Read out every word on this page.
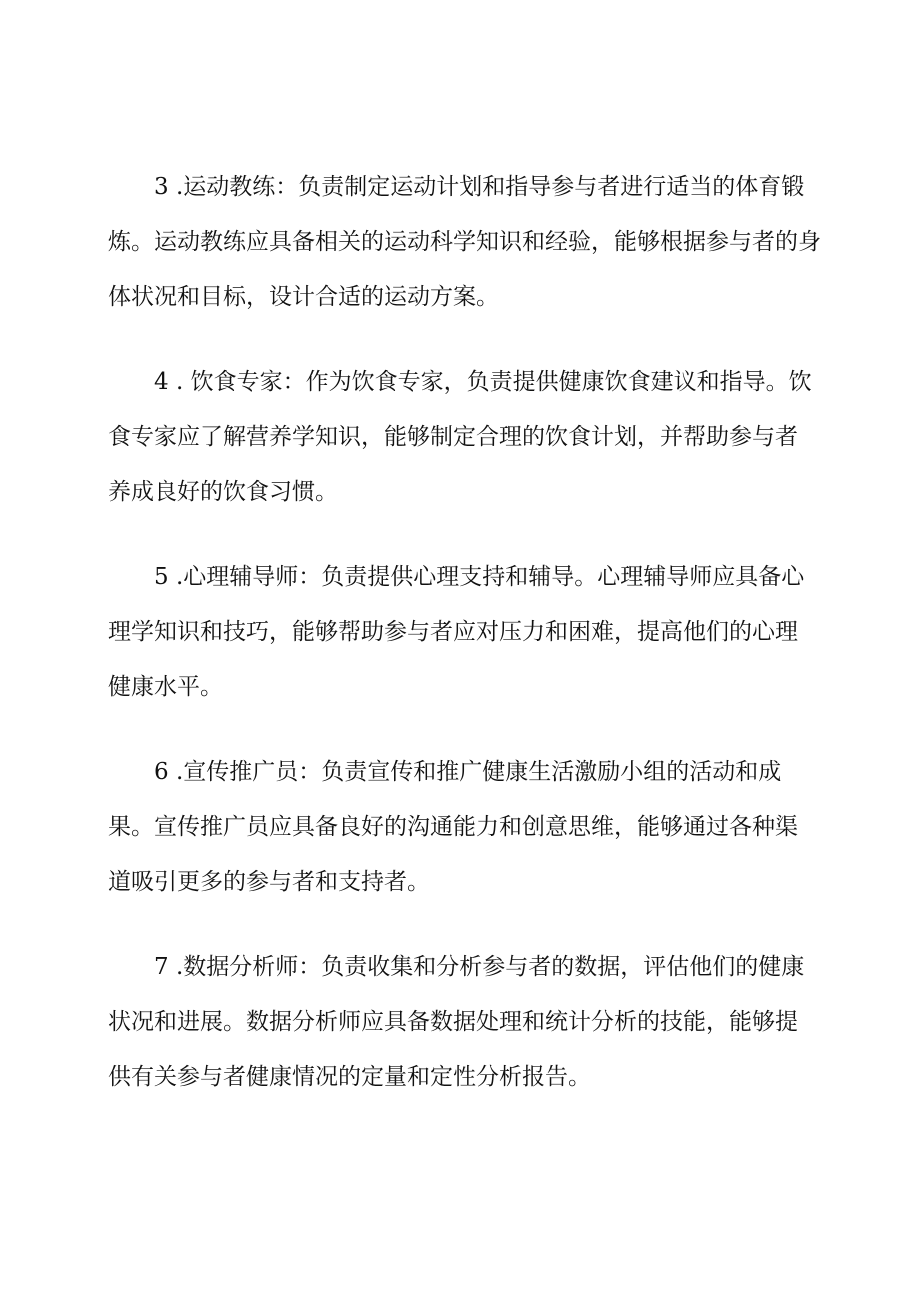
3 .运动教练：负责制定运动计划和指导参与者进行适当的体育锻
炼。运动教练应具备相关的运动科学知识和经验，能够根据参与者的身
体状况和目标，设计合适的运动方案。
4 . 饮食专家：作为饮食专家，负责提供健康饮食建议和指导。饮
食专家应了解营养学知识，能够制定合理的饮食计划，并帮助参与者
养成良好的饮食习惯。
5 .心理辅导师：负责提供心理支持和辅导。心理辅导师应具备心
理学知识和技巧，能够帮助参与者应对压力和困难，提高他们的心理
健康水平。
6 .宣传推广员：负责宣传和推广健康生活激励小组的活动和成
果。宣传推广员应具备良好的沟通能力和创意思维，能够通过各种渠
道吸引更多的参与者和支持者。
7 .数据分析师：负责收集和分析参与者的数据，评估他们的健康
状况和进展。数据分析师应具备数据处理和统计分析的技能，能够提
供有关参与者健康情况的定量和定性分析报告。
